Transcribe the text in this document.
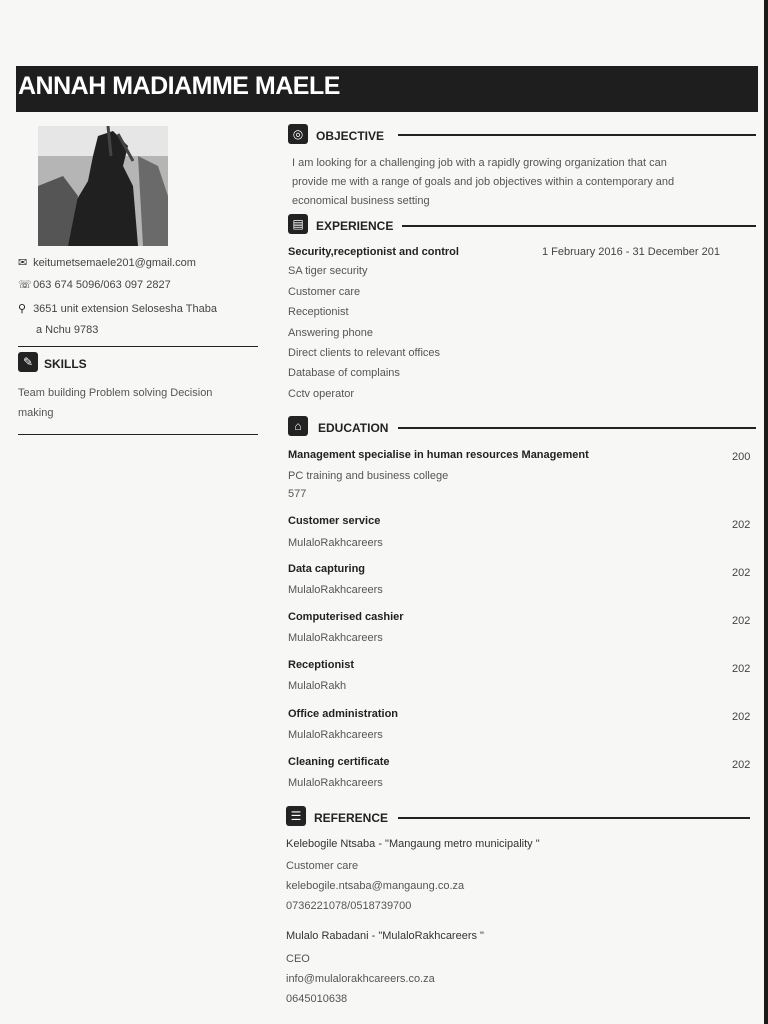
ANNAH MADIAMME MAELE
✉ keitumetsemaele201@gmail.com
☏ 063 674 5096/063 097 2827
⚲ 3651 unit extension Selosesha Thaba
a Nchu 9783
✎ SKILLS
Team building Problem solving Decision
making
◎	OBJECTIVE
I am looking for a challenging job with a rapidly growing organization that can
provide me with a range of goals and job objectives within a contemporary and
economical business setting
▤	EXPERIENCE
Security,receptionist and control	1 February 2016 - 31 December 201
SA tiger security
Customer care
Receptionist
Answering phone
Direct clients to relevant offices
Database of complains
Cctv operator
⌂	EDUCATION
Management specialise in human resources Management	200
PC training and business college
577
Customer service	202
MulaloRakhcareers
Data capturing	202
MulaloRakhcareers
Computerised cashier	202
MulaloRakhcareers
Receptionist	202
MulaloRakh
Office administration	202
MulaloRakhcareers
Cleaning certificate	202
MulaloRakhcareers
☰	REFERENCE
Kelebogile Ntsaba - "Mangaung metro municipality "
Customer care
kelebogile.ntsaba@mangaung.co.za
0736221078/0518739700
Mulalo Rabadani - "MulaloRakhcareers "
CEO
info@mulalorakhcareers.co.za
0645010638
